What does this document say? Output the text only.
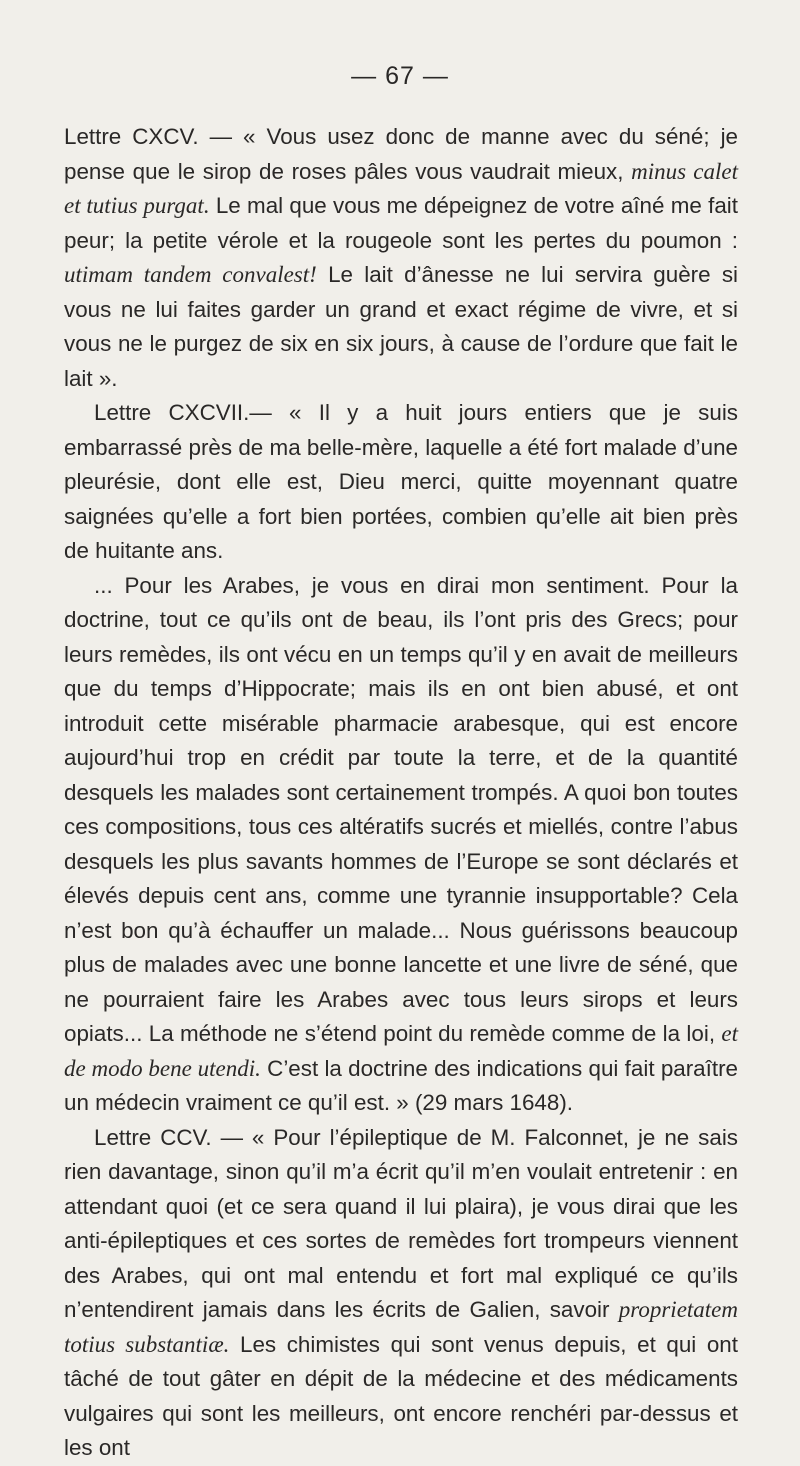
— 67 —

Lettre CXCV. — « Vous usez donc de manne avec du séné; je pense que le sirop de roses pâles vous vaudrait mieux, minus calet et tutius purgat. Le mal que vous me dépeignez de votre aîné me fait peur; la petite vérole et la rougeole sont les pertes du poumon : utimam tandem convalest! Le lait d’ânesse ne lui servira guère si vous ne lui faites garder un grand et exact régime de vivre, et si vous ne le purgez de six en six jours, à cause de l’ordure que fait le lait ».

Lettre CXCVII.— « Il y a huit jours entiers que je suis embarrassé près de ma belle-mère, laquelle a été fort malade d’une pleurésie, dont elle est, Dieu merci, quitte moyennant quatre saignées qu’elle a fort bien portées, combien qu’elle ait bien près de huitante ans.

... Pour les Arabes, je vous en dirai mon sentiment. Pour la doctrine, tout ce qu’ils ont de beau, ils l’ont pris des Grecs; pour leurs remèdes, ils ont vécu en un temps qu’il y en avait de meilleurs que du temps d’Hippocrate; mais ils en ont bien abusé, et ont introduit cette misérable pharmacie arabesque, qui est encore aujourd’hui trop en crédit par toute la terre, et de la quantité desquels les malades sont certainement trompés. A quoi bon toutes ces compositions, tous ces altératifs sucrés et miellés, contre l’abus desquels les plus savants hommes de l’Europe se sont déclarés et élevés depuis cent ans, comme une tyrannie insupportable? Cela n’est bon qu’à échauffer un malade... Nous guérissons beaucoup plus de malades avec une bonne lancette et une livre de séné, que ne pourraient faire les Arabes avec tous leurs sirops et leurs opiats... La méthode ne s’étend point du remède comme de la loi, et de modo bene utendi. C’est la doctrine des indications qui fait paraître un médecin vraiment ce qu’il est. » (29 mars 1648).

Lettre CCV. — « Pour l’épileptique de M. Falconnet, je ne sais rien davantage, sinon qu’il m’a écrit qu’il m’en voulait entretenir : en attendant quoi (et ce sera quand il lui plaira), je vous dirai que les anti-épileptiques et ces sortes de remèdes fort trompeurs viennent des Arabes, qui ont mal entendu et fort mal expliqué ce qu’ils n’entendirent jamais dans les écrits de Galien, savoir proprietatem totius substantiæ. Les chimistes qui sont venus depuis, et qui ont tâché de tout gâter en dépit de la médecine et des médicaments vulgaires qui sont les meilleurs, ont encore renchéri par-dessus et les ont
